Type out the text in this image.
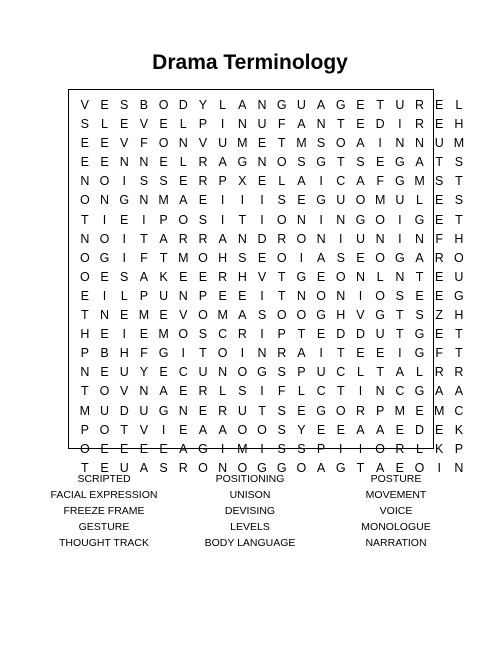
Drama Terminology
V E S B O D Y L A N G U A G E T U R E L
S L E V E L P	I	N U F A N T E D	I	R E H
E E V F O N V U M E T M S O A	I	N N U M
E E N N E L R A G N O S G T S E G A T S
N O	I	S S E R P X E L A	I	C A F G M S T
O N G N M A E	I	I	I	S E G U O M U L E S
T	I	E	I	P O S	I	T	I	O N	I	N G O	I	G E T
N O	I	T A R R A N D R O N	I	U N	I	N F H
O G	I	F T M O H S E O	I	A S E O G A R O
O E S A K E E R H V T G E O N L N T E U
E	I	L P U N P E E	I	T N O N	I	O S E E G
T N E M E V O M A S O O G H V G T S Z H
H E	I	E M O S C R	I	P T E D D U T G E T
P B H F G	I	T O	I	N R A	I	T E E	I	G F T
N E U Y E C U N O G S P U C L T A L R R
T O V N A E R L S	I	F L C T	I	N C G A A
M U D U G N E R U T S E G O R P M E M C
P O T V	I	E A A O O S Y E E A A E D E K
O E E E E A G	I	M	I	S S P	I	I	O R L K P
T E U A S R O N O G G O A G T A E O	I	N
SCRIPTED
FACIAL EXPRESSION
FREEZE FRAME
GESTURE
THOUGHT TRACK
POSITIONING
UNISON
DEVISING
LEVELS
BODY LANGUAGE
POSTURE
MOVEMENT
VOICE
MONOLOGUE
NARRATION
